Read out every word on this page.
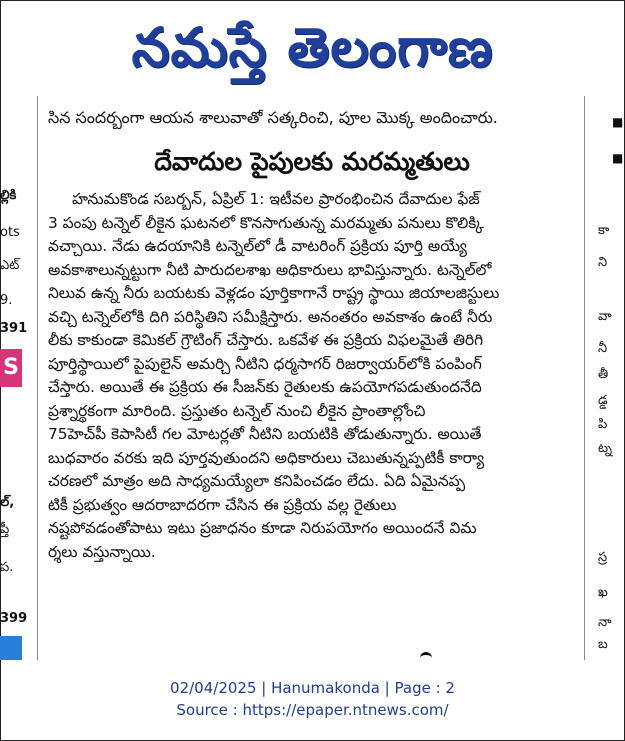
నమస్తే తెలంగాణ
ల్లికి
ots
ఎట్‌
9.
391
S
ల్‌,
ప్తీ
ప.
399
■
■
కా
ని
వా
నీ
తీ
డ్డ
పి
ట్న
స్ర
ఖ
నా
బ
సిన సందర్భంగా ఆయన శాలువాతో సత్కరించి, పూల మొక్క అందించారు.
దేవాదుల పైపులకు మరమ్మతులు
హనుమకొండ సబర్బన్‌, ఏప్రిల్‌ 1: ఇటీవల ప్రారంభించిన దేవాదుల ఫేజ్‌
3 పంపు టన్నెల్‌ లీకైన ఘటనలో కొనసాగుతున్న మరమ్మతు పనులు కొలిక్కి
వచ్చాయి. నేడు ఉదయానికి టన్నెల్‌లో డీ వాటరింగ్‌ ప్రక్రియ పూర్తి అయ్యే
అవకాశాలున్నట్టుగా నీటి పారుదలశాఖ అధికారులు భావిస్తున్నారు. టన్నెల్‌లో
నిలువ ఉన్న నీరు బయటకు వెళ్లడం పూర్తికాగానే రాష్ట్ర స్థాయి జియాలజిస్టులు
వచ్చి టన్నెల్‌లోకి దిగి పరిస్థితిని సమీక్షిస్తారు. అనంతరం అవకాశం ఉంటే నీరు
లీకు కాకుండా కెమికల్‌ గ్రౌటింగ్‌ చేస్తారు. ఒకవేళ ఈ ప్రక్రియ విఫలమైతే తిరిగి
పూర్తిస్థాయిలో పైపులైన్‌ అమర్చి నీటిని ధర్మసాగర్‌ రిజర్వాయర్‌లోకి పంపింగ్‌
చేస్తారు. అయితే ఈ ప్రక్రియ ఈ సీజన్‌కు రైతులకు ఉపయోగపడుతుందనేది
ప్రశ్నార్థకంగా మారింది. ప్రస్తుతం టన్నెల్‌ నుంచి లీకైన ప్రాంతాల్లోంచి
75హెచ్‌పీ కెపాసిటీ గల మోటర్లతో నీటిని బయటికి తోడుతున్నారు. అయితే
బుధవారం వరకు ఇది పూర్తవుతుందని అధికారులు చెబుతున్నప్పటికీ కార్యా
చరణలో మాత్రం అది సాధ్యమయ్యేలా కనిపించడం లేదు. ఏది ఏమైనప్ప
టికీ ప్రభుత్వం ఆదరాబాదరగా చేసిన ఈ ప్రక్రియ వల్ల రైతులు
నష్టపోవడంతోపాటు ఇటు ప్రజాధనం కూడా నిరుపయోగం అయిందనే విమ
ర్శలు వస్తున్నాయి.
02/04/2025 | Hanumakonda | Page : 2
Source : https://epaper.ntnews.com/
